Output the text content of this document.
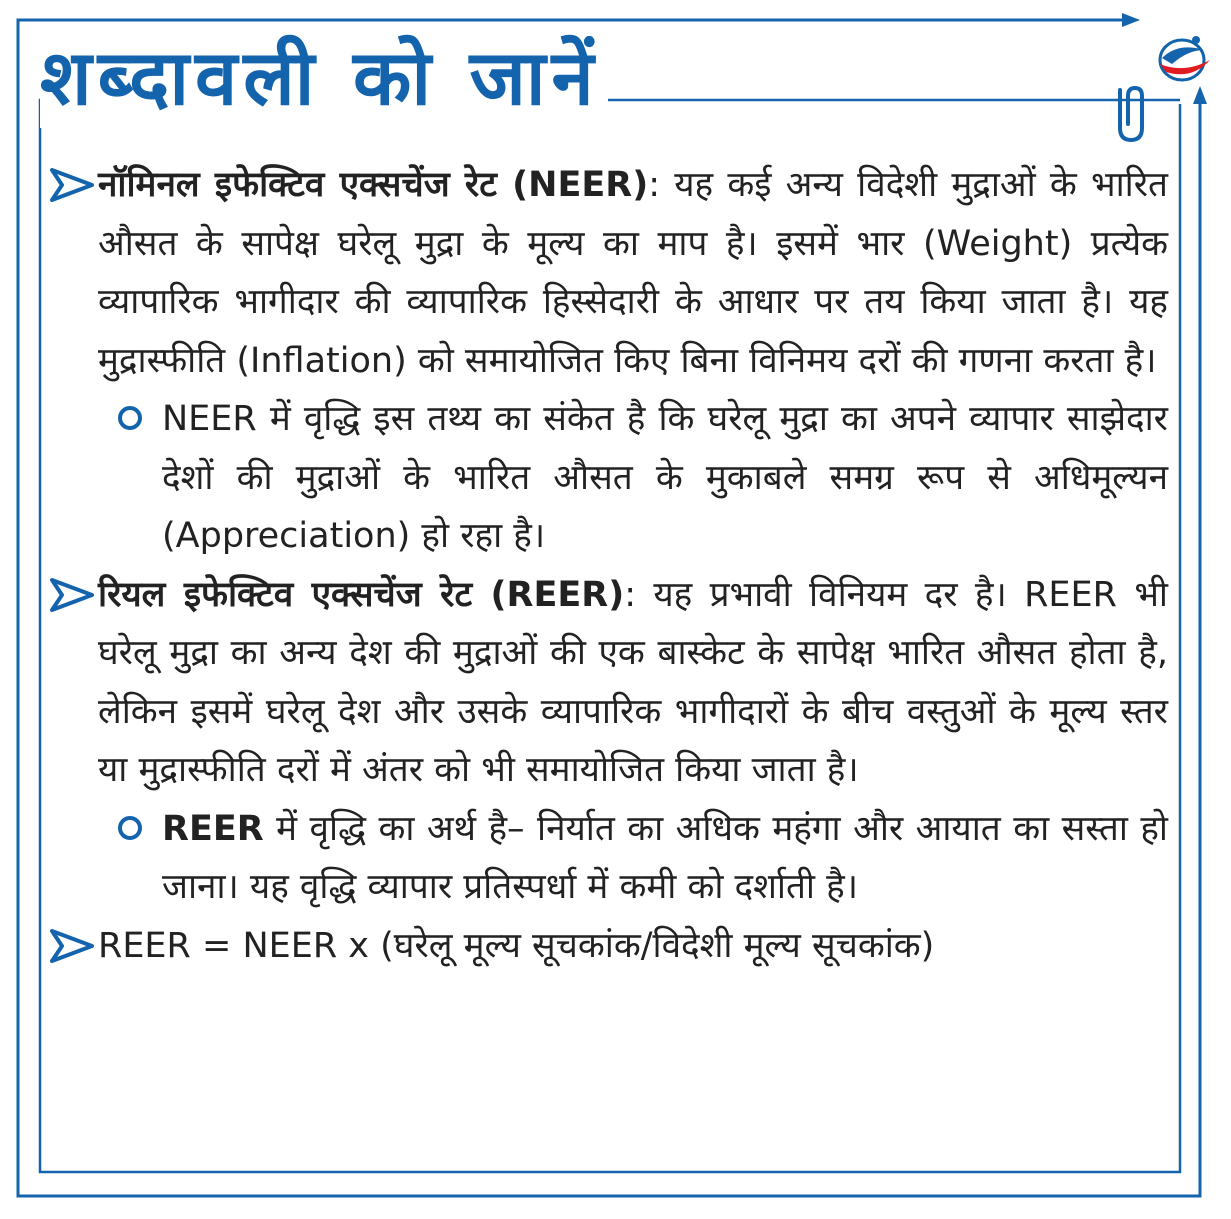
शब्दावली को जानें
नॉमिनल इफेक्टिव एक्सचेंज रेट (NEER): यह कई अन्य विदेशी मुद्राओं के भारित औसत के सापेक्ष घरेलू मुद्रा के मूल्य का माप है। इसमें भार (Weight) प्रत्येक व्यापारिक भागीदार की व्यापारिक हिस्सेदारी के आधार पर तय किया जाता है। यह मुद्रास्फीति (Inflation) को समायोजित किए बिना विनिमय दरों की गणना करता है।
NEER में वृद्धि इस तथ्य का संकेत है कि घरेलू मुद्रा का अपने व्यापार साझेदार देशों की मुद्राओं के भारित औसत के मुकाबले समग्र रूप से अधिमूल्यन (Appreciation) हो रहा है।
रियल इफेक्टिव एक्सचेंज रेट (REER): यह प्रभावी विनियम दर है। REER भी घरेलू मुद्रा का अन्य देश की मुद्राओं की एक बास्केट के सापेक्ष भारित औसत होता है, लेकिन इसमें घरेलू देश और उसके व्यापारिक भागीदारों के बीच वस्तुओं के मूल्य स्तर या मुद्रास्फीति दरों में अंतर को भी समायोजित किया जाता है।
REER में वृद्धि का अर्थ है– निर्यात का अधिक महंगा और आयात का सस्ता हो जाना। यह वृद्धि व्यापार प्रतिस्पर्धा में कमी को दर्शाती है।
REER = NEER x (घरेलू मूल्य सूचकांक/विदेशी मूल्य सूचकांक)
